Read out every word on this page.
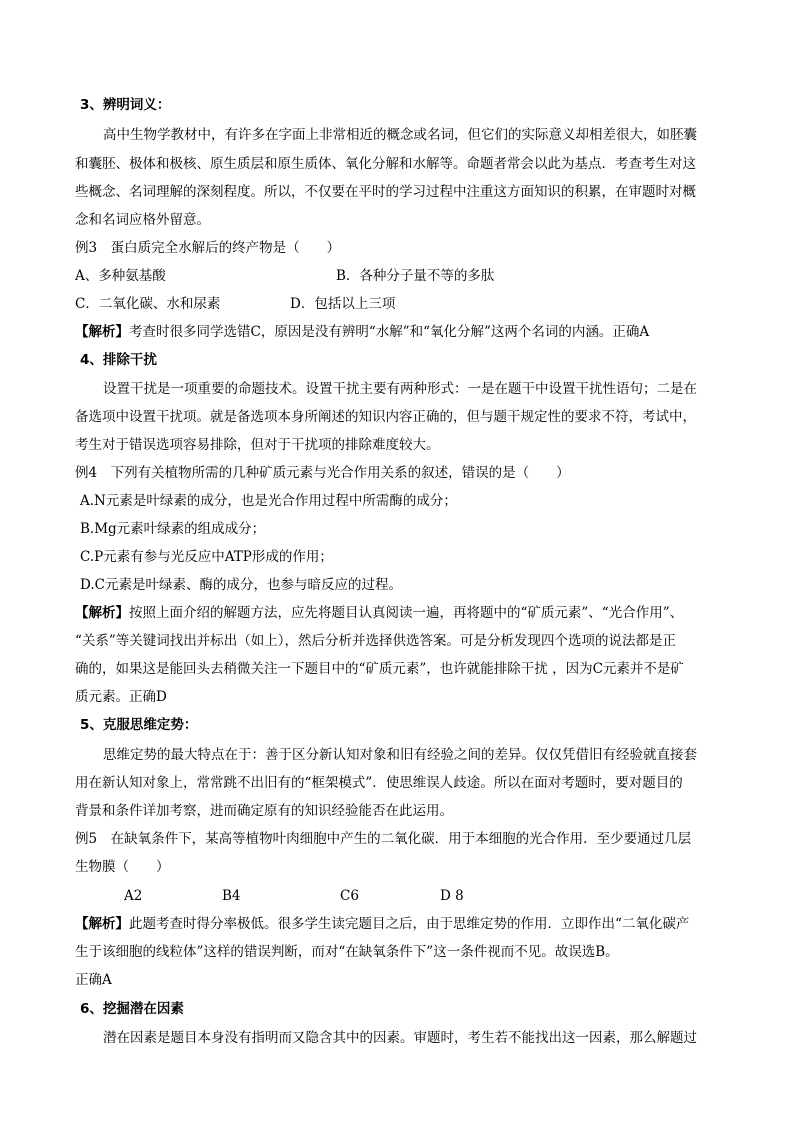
3、辨明词义：
高中生物学教材中，有许多在字面上非常相近的概念或名词，但它们的实际意义却相差很大，如胚囊
和囊胚、极体和极核、原生质层和原生质体、氧化分解和水解等。命题者常会以此为基点．考查考生对这
些概念、名词理解的深刻程度。所以，不仅要在平时的学习过程中注重这方面知识的积累，在审题时对概
念和名词应格外留意。
例3　蛋白质完全水解后的终产物是（　　）
A、多种氨基酸	B．各种分子量不等的多肽
C．二氧化碳、水和尿素	D．包括以上三项
【解析】考查时很多同学选错C，原因是没有辨明“水解”和“氧化分解”这两个名词的内涵。正确A
4、排除干扰
设置干扰是一项重要的命题技术。设置干扰主要有两种形式：一是在题干中设置干扰性语句；二是在
备选项中设置干扰项。就是备选项本身所阐述的知识内容正确的，但与题干规定性的要求不符，考试中，
考生对于错误选项容易排除，但对于干扰项的排除难度较大。
例4　下列有关植物所需的几种矿质元素与光合作用关系的叙述，错误的是（　　）
A.N元素是叶绿素的成分，也是光合作用过程中所需酶的成分；
B.Mg元素叶绿素的组成成分；
C.P元素有参与光反应中ATP形成的作用；
D.C元素是叶绿素、酶的成分，也参与暗反应的过程。
【解析】按照上面介绍的解题方法，应先将题目认真阅读一遍，再将题中的“矿质元素”、“光合作用”、
“关系”等关键词找出并标出（如上），然后分析并选择供选答案。可是分析发现四个选项的说法都是正
确的，如果这是能回头去稍微关注一下题目中的“矿质元素”，也许就能排除干扰 ，因为C元素并不是矿
质元素。正确D
5、克服思维定势：
思维定势的最大特点在于：善于区分新认知对象和旧有经验之间的差异。仅仅凭借旧有经验就直接套
用在新认知对象上，常常跳不出旧有的“框架模式”．使思维误人歧途。所以在面对考题时，要对题目的
背景和条件详加考察，进而确定原有的知识经验能否在此运用。
例5　在缺氧条件下，某高等植物叶肉细胞中产生的二氧化碳．用于本细胞的光合作用．至少要通过几层
生物膜（　　）
A2	B4	C6	D 8
【解析】此题考查时得分率极低。很多学生读完题目之后，由于思维定势的作用．立即作出“二氧化碳产
生于该细胞的线粒体”这样的错误判断，而对“在缺氧条件下”这一条件视而不见。故误选B。
正确A
6、挖掘潜在因素
潜在因素是题目本身没有指明而又隐含其中的因素。审题时，考生若不能找出这一因素，那么解题过
